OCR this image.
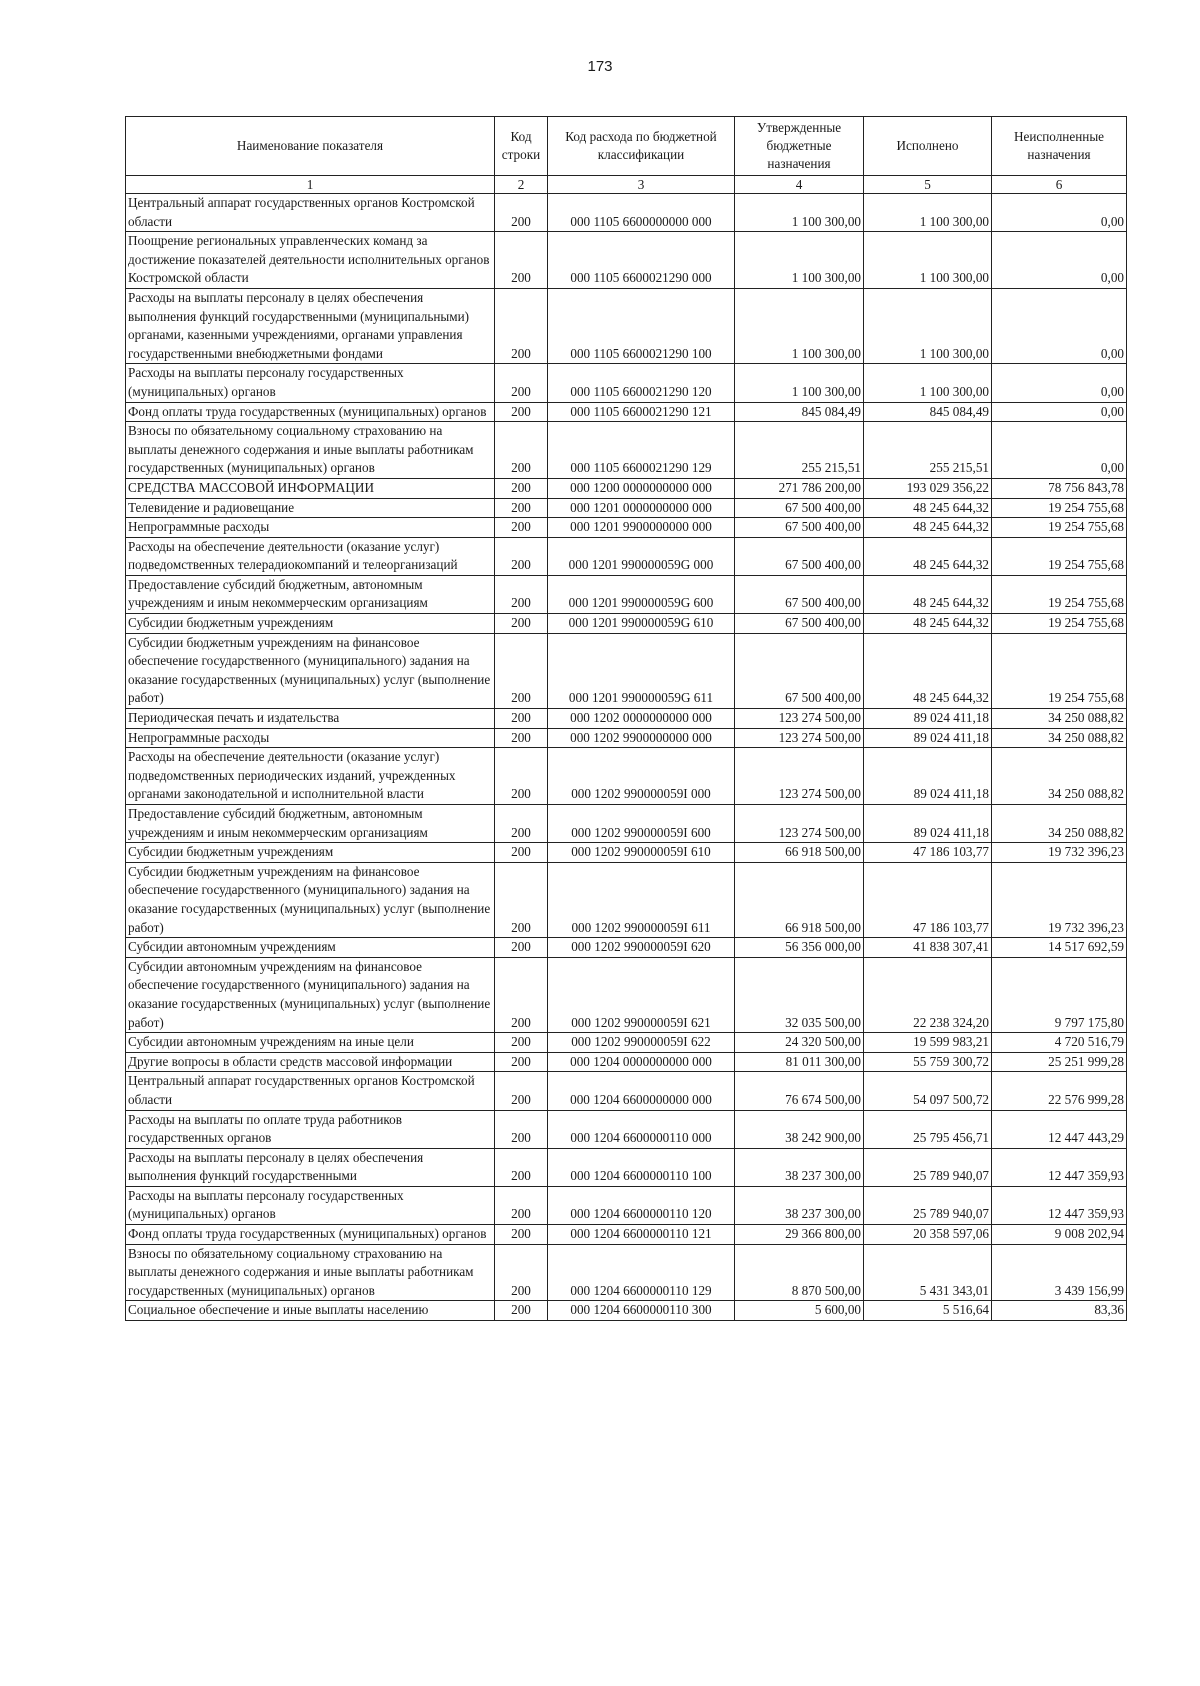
173
Наименование показателя	Код строки	Код расхода по бюджетной классификации	Утвержденные бюджетные назначения	Исполнено	Неисполненные назначения
1	2	3	4	5	6
Центральный аппарат государственных органов Костромской области	200	000 1105 6600000000 000	1 100 300,00	1 100 300,00	0,00
Поощрение региональных управленческих команд за достижение показателей деятельности исполнительных органов Костромской области	200	000 1105 6600021290 000	1 100 300,00	1 100 300,00	0,00
Расходы на выплаты персоналу в целях обеспечения выполнения функций государственными (муниципальными) органами, казенными учреждениями, органами управления государственными внебюджетными фондами	200	000 1105 6600021290 100	1 100 300,00	1 100 300,00	0,00
Расходы на выплаты персоналу государственных (муниципальных) органов	200	000 1105 6600021290 120	1 100 300,00	1 100 300,00	0,00
Фонд оплаты труда государственных (муниципальных) органов	200	000 1105 6600021290 121	845 084,49	845 084,49	0,00
Взносы по обязательному социальному страхованию на выплаты денежного содержания и иные выплаты работникам государственных (муниципальных) органов	200	000 1105 6600021290 129	255 215,51	255 215,51	0,00
СРЕДСТВА МАССОВОЙ ИНФОРМАЦИИ	200	000 1200 0000000000 000	271 786 200,00	193 029 356,22	78 756 843,78
Телевидение и радиовещание	200	000 1201 0000000000 000	67 500 400,00	48 245 644,32	19 254 755,68
Непрограммные расходы	200	000 1201 9900000000 000	67 500 400,00	48 245 644,32	19 254 755,68
Расходы на обеспечение деятельности (оказание услуг) подведомственных телерадиокомпаний и телеорганизаций	200	000 1201 990000059G 000	67 500 400,00	48 245 644,32	19 254 755,68
Предоставление субсидий бюджетным, автономным учреждениям и иным некоммерческим организациям	200	000 1201 990000059G 600	67 500 400,00	48 245 644,32	19 254 755,68
Субсидии бюджетным учреждениям	200	000 1201 990000059G 610	67 500 400,00	48 245 644,32	19 254 755,68
Субсидии бюджетным учреждениям на финансовое обеспечение государственного (муниципального) задания на оказание государственных (муниципальных) услуг (выполнение работ)	200	000 1201 990000059G 611	67 500 400,00	48 245 644,32	19 254 755,68
Периодическая печать и издательства	200	000 1202 0000000000 000	123 274 500,00	89 024 411,18	34 250 088,82
Непрограммные расходы	200	000 1202 9900000000 000	123 274 500,00	89 024 411,18	34 250 088,82
Расходы на обеспечение деятельности (оказание услуг) подведомственных периодических изданий, учрежденных органами законодательной и исполнительной власти	200	000 1202 990000059I 000	123 274 500,00	89 024 411,18	34 250 088,82
Предоставление субсидий бюджетным, автономным учреждениям и иным некоммерческим организациям	200	000 1202 990000059I 600	123 274 500,00	89 024 411,18	34 250 088,82
Субсидии бюджетным учреждениям	200	000 1202 990000059I 610	66 918 500,00	47 186 103,77	19 732 396,23
Субсидии бюджетным учреждениям на финансовое обеспечение государственного (муниципального) задания на оказание государственных (муниципальных) услуг (выполнение работ)	200	000 1202 990000059I 611	66 918 500,00	47 186 103,77	19 732 396,23
Субсидии автономным учреждениям	200	000 1202 990000059I 620	56 356 000,00	41 838 307,41	14 517 692,59
Субсидии автономным учреждениям на финансовое обеспечение государственного (муниципального) задания на оказание государственных (муниципальных) услуг (выполнение работ)	200	000 1202 990000059I 621	32 035 500,00	22 238 324,20	9 797 175,80
Субсидии автономным учреждениям на иные цели	200	000 1202 990000059I 622	24 320 500,00	19 599 983,21	4 720 516,79
Другие вопросы в области средств массовой информации	200	000 1204 0000000000 000	81 011 300,00	55 759 300,72	25 251 999,28
Центральный аппарат государственных органов Костромской области	200	000 1204 6600000000 000	76 674 500,00	54 097 500,72	22 576 999,28
Расходы на выплаты по оплате труда работников государственных органов	200	000 1204 6600000110 000	38 242 900,00	25 795 456,71	12 447 443,29
Расходы на выплаты персоналу в целях обеспечения выполнения функций государственными	200	000 1204 6600000110 100	38 237 300,00	25 789 940,07	12 447 359,93
Расходы на выплаты персоналу государственных (муниципальных) органов	200	000 1204 6600000110 120	38 237 300,00	25 789 940,07	12 447 359,93
Фонд оплаты труда государственных (муниципальных) органов	200	000 1204 6600000110 121	29 366 800,00	20 358 597,06	9 008 202,94
Взносы по обязательному социальному страхованию на выплаты денежного содержания и иные выплаты работникам государственных (муниципальных) органов	200	000 1204 6600000110 129	8 870 500,00	5 431 343,01	3 439 156,99
Социальное обеспечение и иные выплаты населению	200	000 1204 6600000110 300	5 600,00	5 516,64	83,36
